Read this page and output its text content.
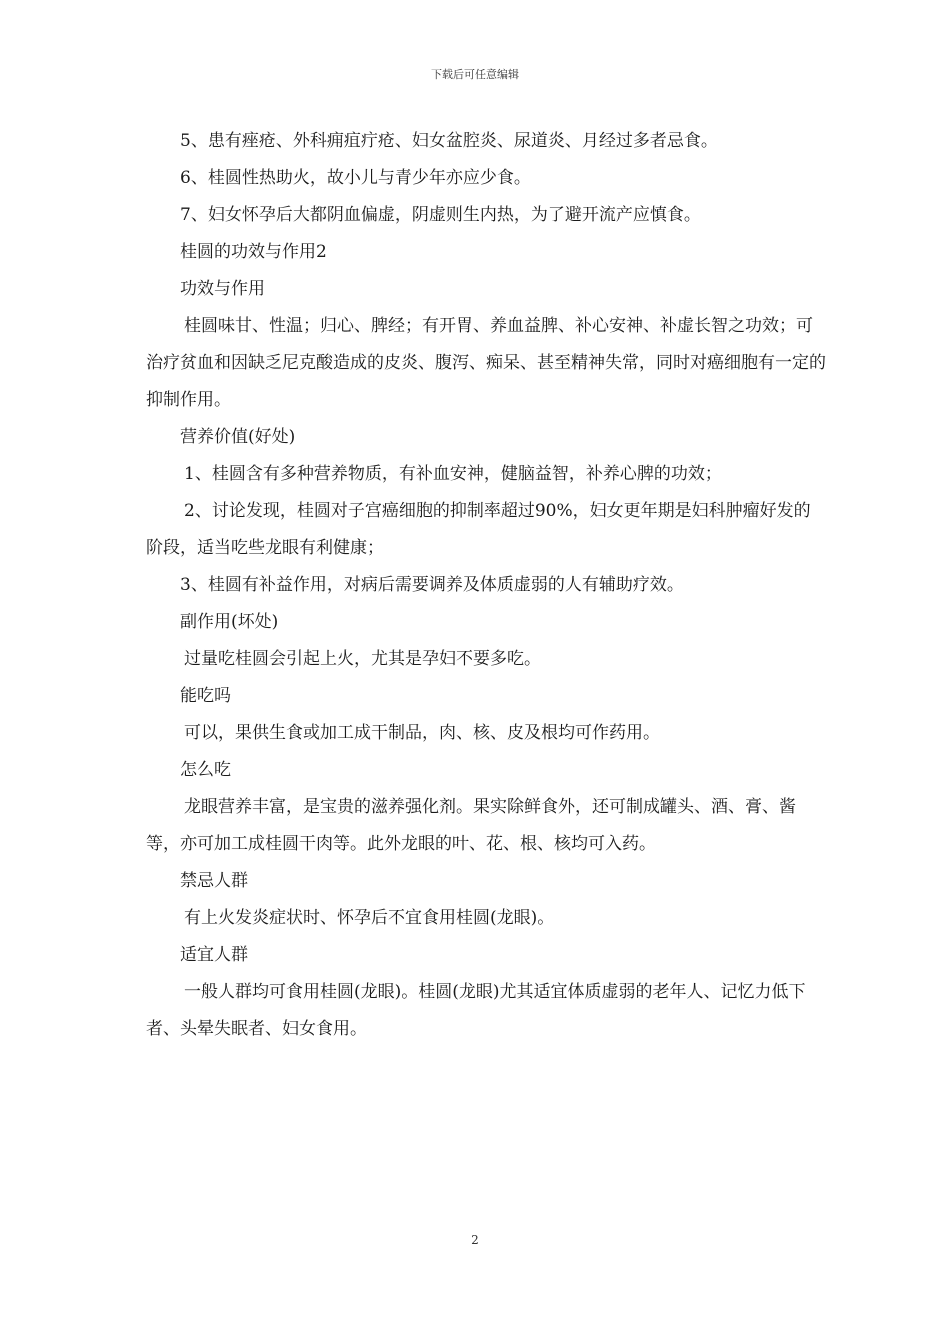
下载后可任意编辑

5、患有痤疮、外科痈疽疔疮、妇女盆腔炎、尿道炎、月经过多者忌食。

6、桂圆性热助火，故小儿与青少年亦应少食。

7、妇女怀孕后大都阴血偏虚，阴虚则生内热，为了避开流产应慎食。

桂圆的功效与作用2

功效与作用

桂圆味甘、性温；归心、脾经；有开胃、养血益脾、补心安神、补虚长智之功效；可治疗贫血和因缺乏尼克酸造成的皮炎、腹泻、痴呆、甚至精神失常，同时对癌细胞有一定的抑制作用。

营养价值(好处)

1、桂圆含有多种营养物质，有补血安神，健脑益智，补养心脾的功效；

2、讨论发现，桂圆对子宫癌细胞的抑制率超过90%，妇女更年期是妇科肿瘤好发的阶段，适当吃些龙眼有利健康；

3、桂圆有补益作用，对病后需要调养及体质虚弱的人有辅助疗效。

副作用(坏处)

过量吃桂圆会引起上火，尤其是孕妇不要多吃。

能吃吗

可以，果供生食或加工成干制品，肉、核、皮及根均可作药用。

怎么吃

龙眼营养丰富，是宝贵的滋养强化剂。果实除鲜食外，还可制成罐头、酒、膏、酱等，亦可加工成桂圆干肉等。此外龙眼的叶、花、根、核均可入药。

禁忌人群

有上火发炎症状时、怀孕后不宜食用桂圆(龙眼)。

适宜人群

一般人群均可食用桂圆(龙眼)。桂圆(龙眼)尤其适宜体质虚弱的老年人、记忆力低下者、头晕失眠者、妇女食用。

2
